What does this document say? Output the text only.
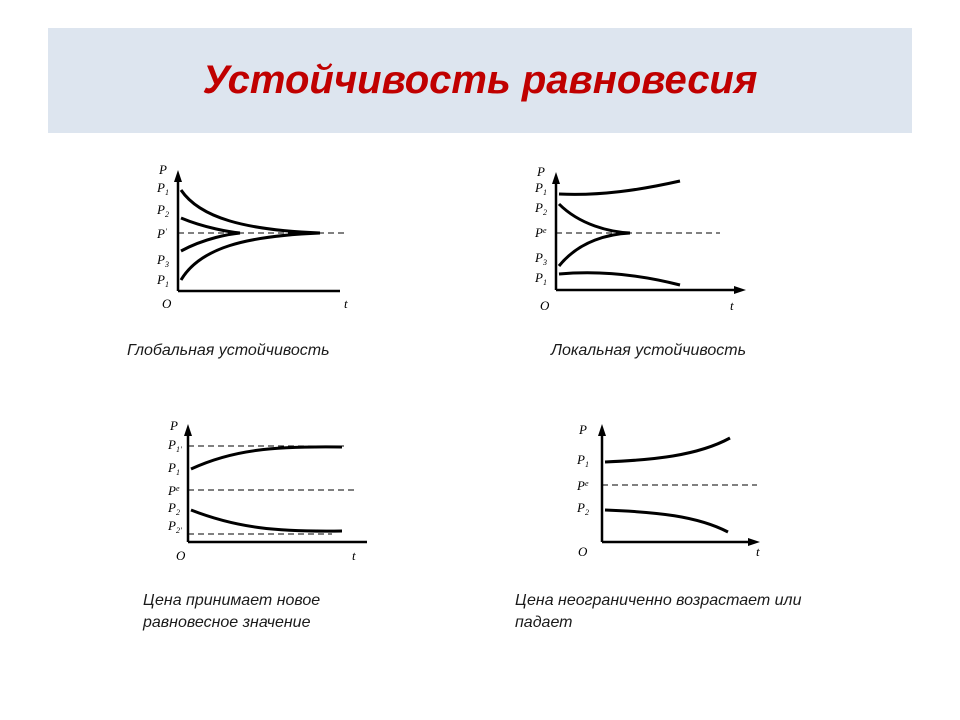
Устойчивость равновесия
P
$P_1$
$P_2$
P'
$P_3$
$P_1$
O	t
Глобальная устойчивость
P
$P_1$
$P_2$
$P^e$
$P_3$
$P_1$
O	t
Локальная устойчивость
P
$P_{1'}$
$P_1$
$P^e$
$P_2$
$P_{2'}$
O	t
Цена принимает новое равновесное значение
P
$P_1$
$P^e$
$P_2$
O	t
Цена неограниченно возрастает или падает
